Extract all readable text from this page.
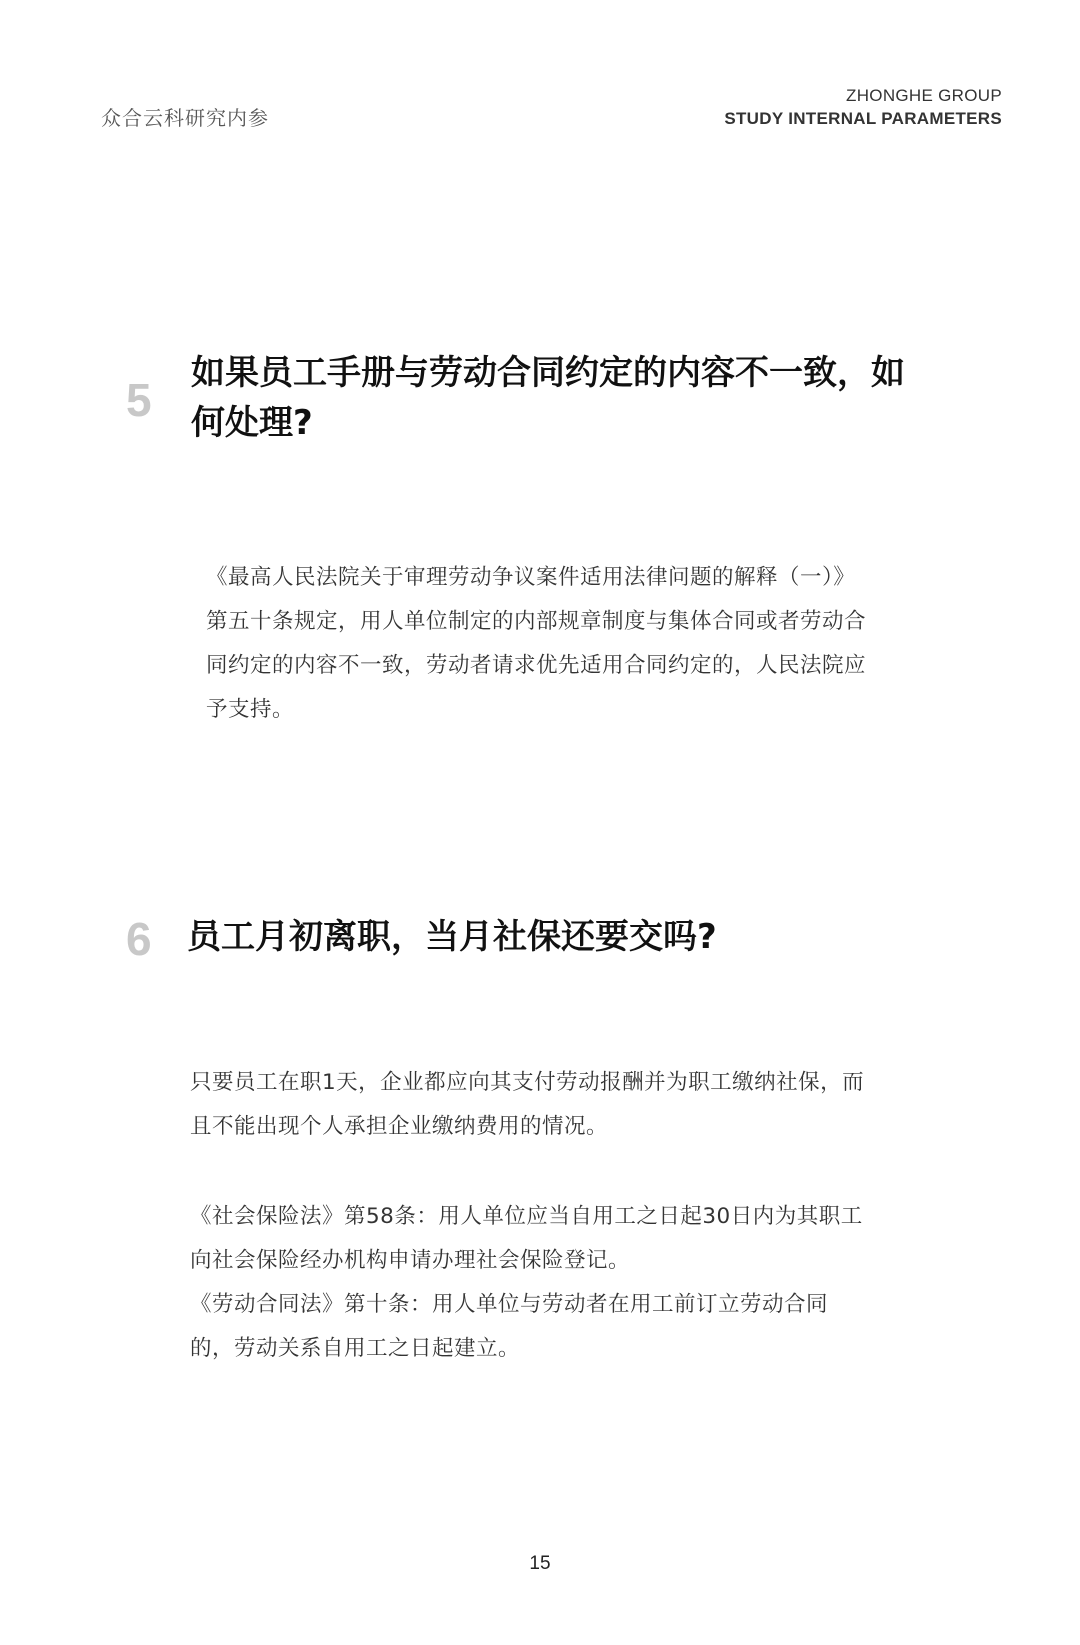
众合云科研究内参
ZHONGHE GROUP
STUDY INTERNAL PARAMETERS
5
如果员工手册与劳动合同约定的内容不一致，如
何处理?
《最高人民法院关于审理劳动争议案件适用法律问题的解释（一）》
第五十条规定，用人单位制定的内部规章制度与集体合同或者劳动合
同约定的内容不一致，劳动者请求优先适用合同约定的，人民法院应
予支持。
6 员工月初离职，当月社保还要交吗?
只要员工在职1天，企业都应向其支付劳动报酬并为职工缴纳社保，而
且不能出现个人承担企业缴纳费用的情况。
《社会保险法》第58条：用人单位应当自用工之日起30日内为其职工
向社会保险经办机构申请办理社会保险登记。
《劳动合同法》第十条：用人单位与劳动者在用工前订立劳动合同
的，劳动关系自用工之日起建立。
15
